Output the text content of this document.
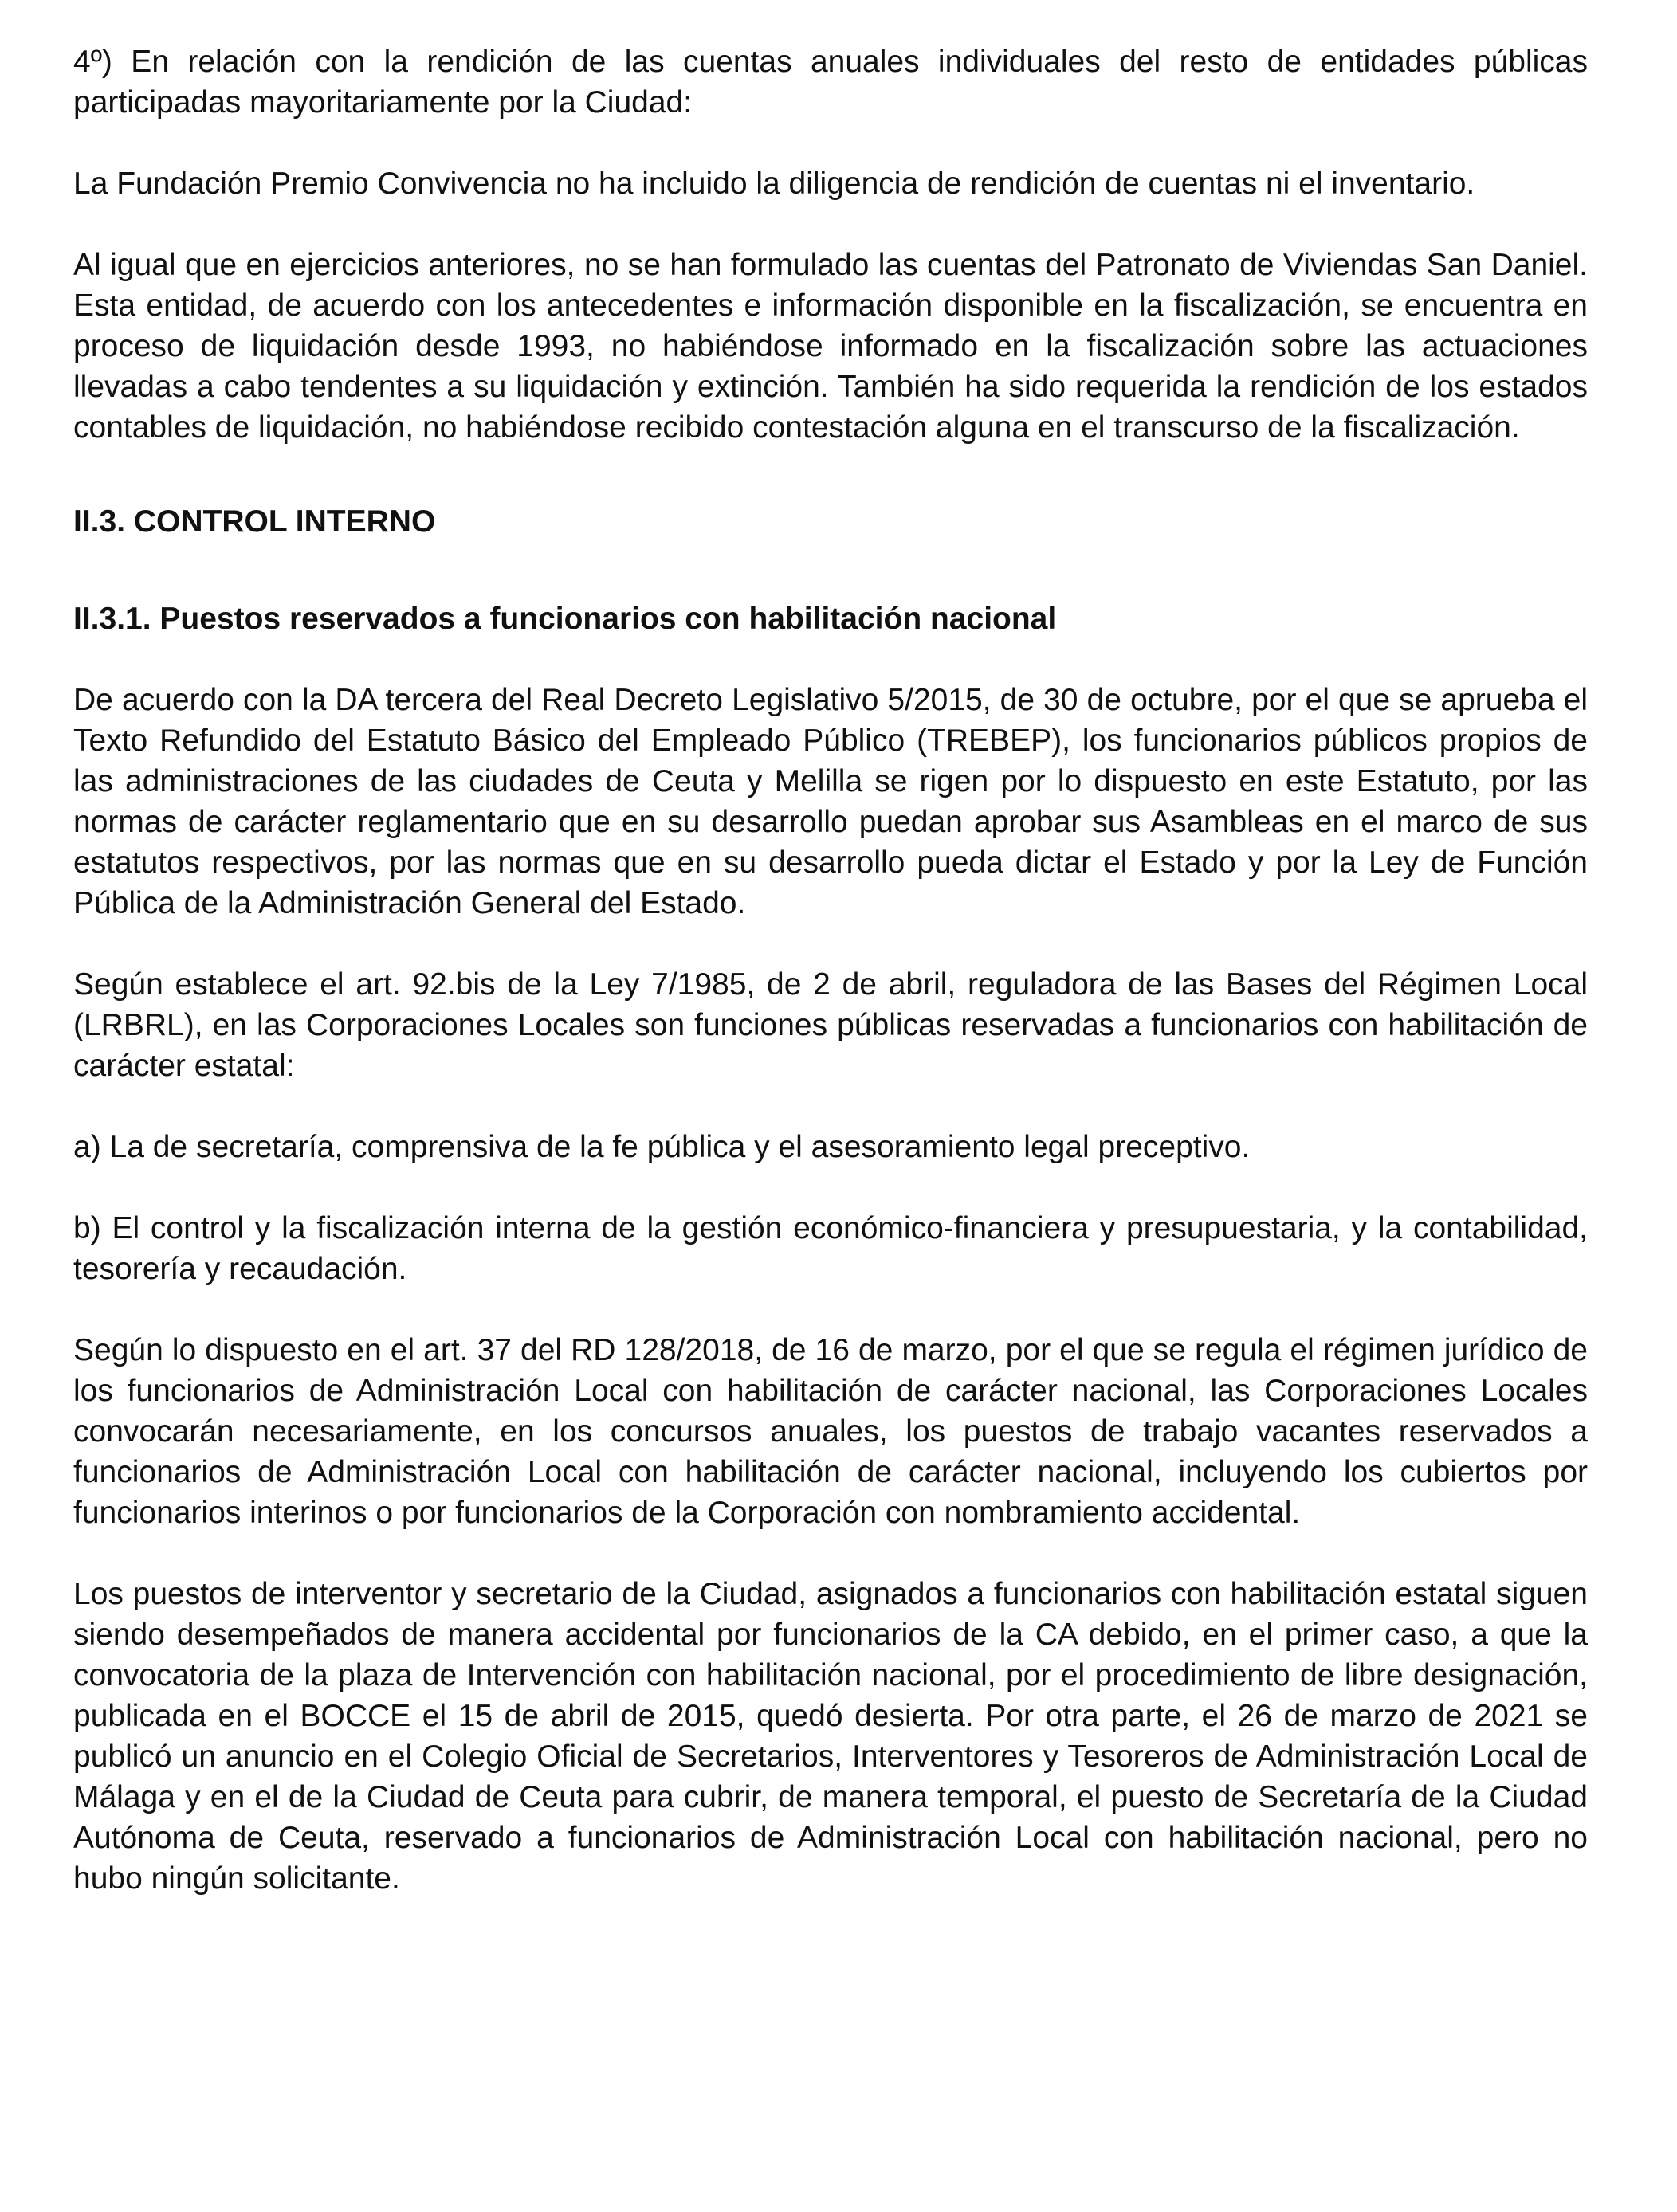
4º) En relación con la rendición de las cuentas anuales individuales del resto de entidades públicas participadas mayoritariamente por la Ciudad:

La Fundación Premio Convivencia no ha incluido la diligencia de rendición de cuentas ni el inventario.

Al igual que en ejercicios anteriores, no se han formulado las cuentas del Patronato de Viviendas San Daniel. Esta entidad, de acuerdo con los antecedentes e información disponible en la fiscalización, se encuentra en proceso de liquidación desde 1993, no habiéndose informado en la fiscalización sobre las actuaciones llevadas a cabo tendentes a su liquidación y extinción. También ha sido requerida la rendición de los estados contables de liquidación, no habiéndose recibido contestación alguna en el transcurso de la fiscalización.

II.3. CONTROL INTERNO
II.3.1. Puestos reservados a funcionarios con habilitación nacional

De acuerdo con la DA tercera del Real Decreto Legislativo 5/2015, de 30 de octubre, por el que se aprueba el Texto Refundido del Estatuto Básico del Empleado Público (TREBEP), los funcionarios públicos propios de las administraciones de las ciudades de Ceuta y Melilla se rigen por lo dispuesto en este Estatuto, por las normas de carácter reglamentario que en su desarrollo puedan aprobar sus Asambleas en el marco de sus estatutos respectivos, por las normas que en su desarrollo pueda dictar el Estado y por la Ley de Función Pública de la Administración General del Estado.

Según establece el art. 92.bis de la Ley 7/1985, de 2 de abril, reguladora de las Bases del Régimen Local (LRBRL), en las Corporaciones Locales son funciones públicas reservadas a funcionarios con habilitación de carácter estatal:

a) La de secretaría, comprensiva de la fe pública y el asesoramiento legal preceptivo.

b) El control y la fiscalización interna de la gestión económico-financiera y presupuestaria, y la contabilidad, tesorería y recaudación.

Según lo dispuesto en el art. 37 del RD 128/2018, de 16 de marzo, por el que se regula el régimen jurídico de los funcionarios de Administración Local con habilitación de carácter nacional, las Corporaciones Locales convocarán necesariamente, en los concursos anuales, los puestos de trabajo vacantes reservados a funcionarios de Administración Local con habilitación de carácter nacional, incluyendo los cubiertos por funcionarios interinos o por funcionarios de la Corporación con nombramiento accidental.

Los puestos de interventor y secretario de la Ciudad, asignados a funcionarios con habilitación estatal siguen siendo desempeñados de manera accidental por funcionarios de la CA debido, en el primer caso, a que la convocatoria de la plaza de Intervención con habilitación nacional, por el procedimiento de libre designación, publicada en el BOCCE el 15 de abril de 2015, quedó desierta. Por otra parte, el 26 de marzo de 2021 se publicó un anuncio en el Colegio Oficial de Secretarios, Interventores y Tesoreros de Administración Local de Málaga y en el de la Ciudad de Ceuta para cubrir, de manera temporal, el puesto de Secretaría de la Ciudad Autónoma de Ceuta, reservado a funcionarios de Administración Local con habilitación nacional, pero no hubo ningún solicitante.
